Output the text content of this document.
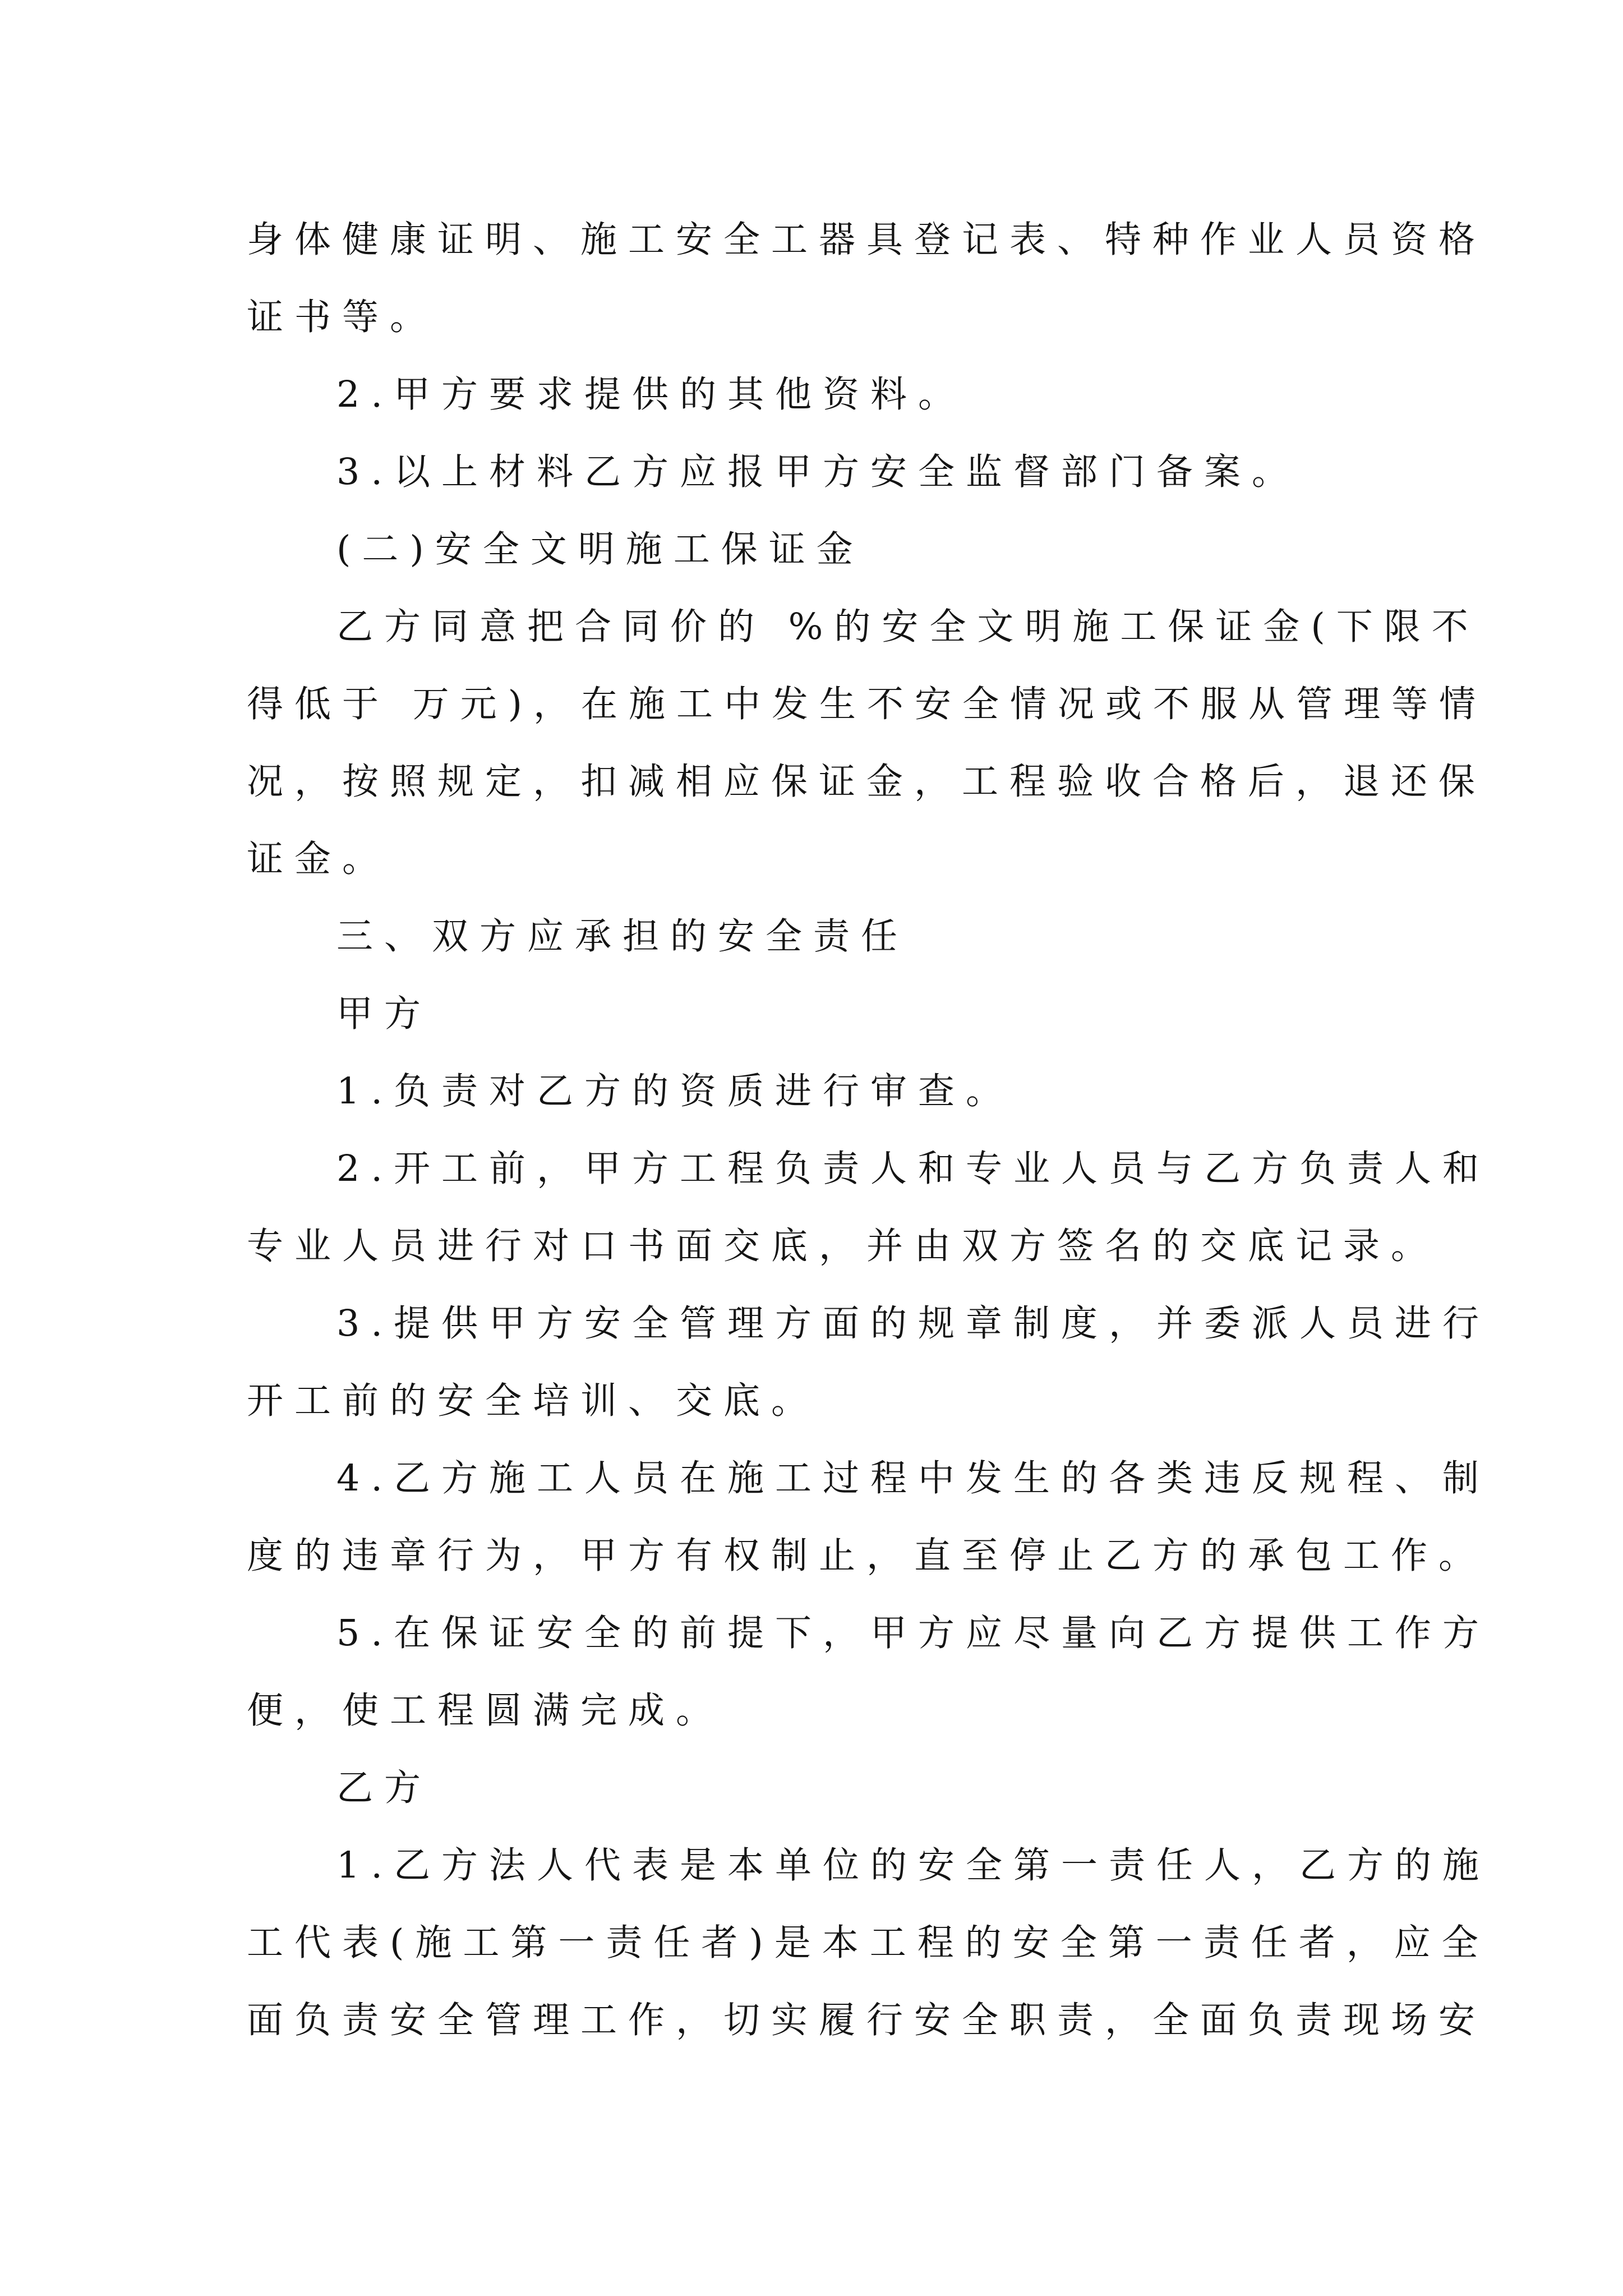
身体健康证明、施工安全工器具登记表、特种作业人员资格
证书等。
2.甲方要求提供的其他资料。
3.以上材料乙方应报甲方安全监督部门备案。
(二)安全文明施工保证金
乙方同意把合同价的 %的安全文明施工保证金(下限不
得低于 万元)，在施工中发生不安全情况或不服从管理等情
况，按照规定，扣减相应保证金，工程验收合格后，退还保
证金。
三、双方应承担的安全责任
甲方
1.负责对乙方的资质进行审查。
2.开工前，甲方工程负责人和专业人员与乙方负责人和
专业人员进行对口书面交底，并由双方签名的交底记录。
3.提供甲方安全管理方面的规章制度，并委派人员进行
开工前的安全培训、交底。
4.乙方施工人员在施工过程中发生的各类违反规程、制
度的违章行为，甲方有权制止，直至停止乙方的承包工作。
5.在保证安全的前提下，甲方应尽量向乙方提供工作方
便，使工程圆满完成。
乙方
1.乙方法人代表是本单位的安全第一责任人，乙方的施
工代表(施工第一责任者)是本工程的安全第一责任者，应全
面负责安全管理工作，切实履行安全职责，全面负责现场安
